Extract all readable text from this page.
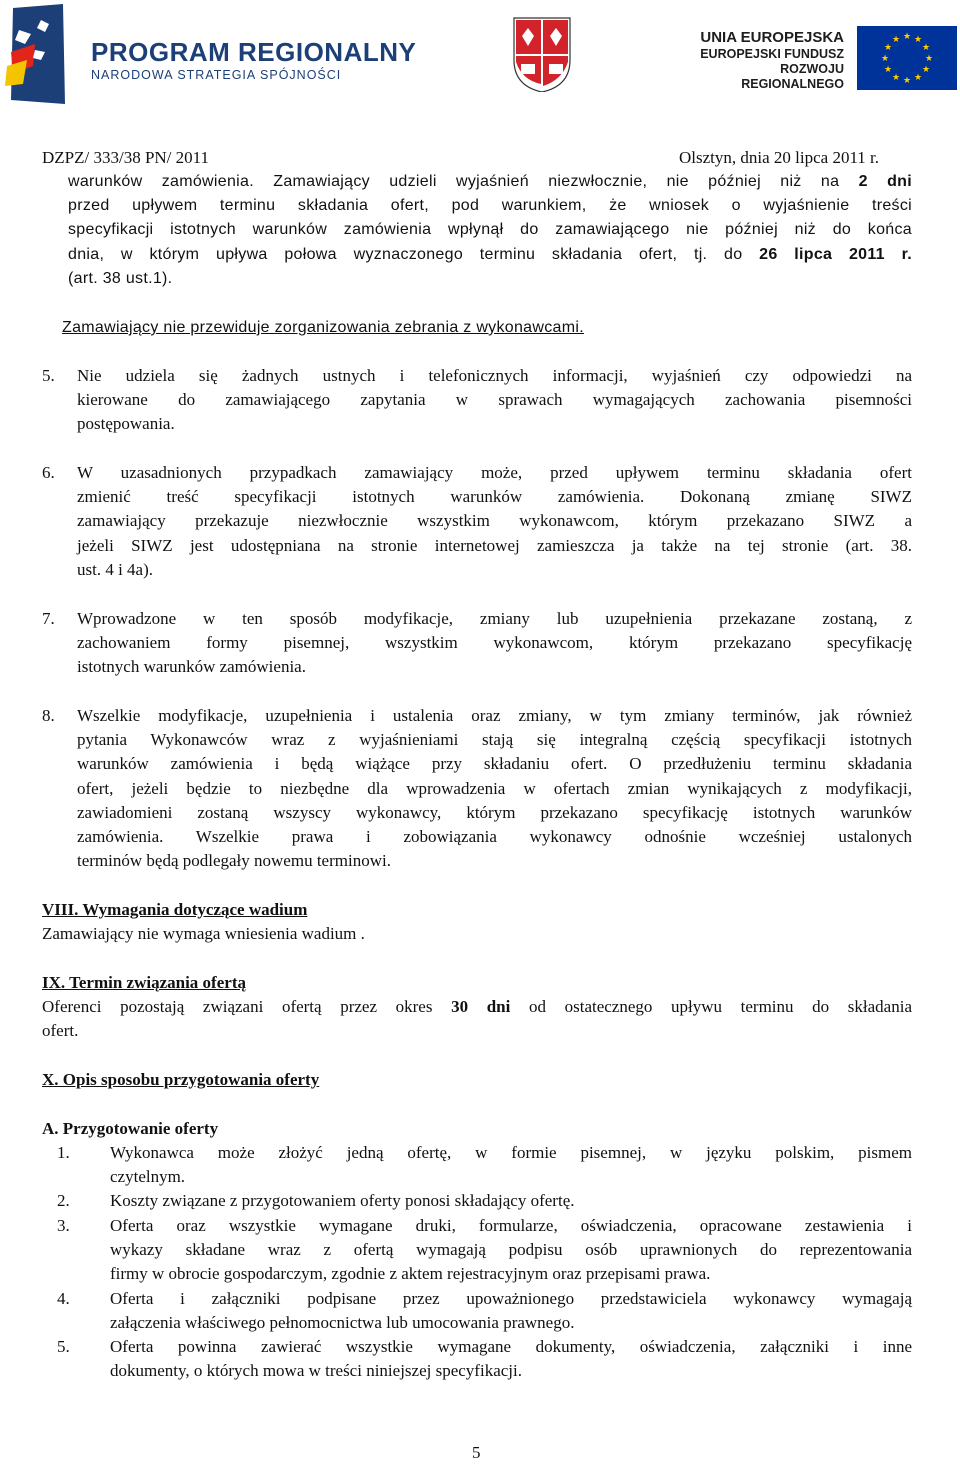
PROGRAM REGIONALNY
NARODOWA STRATEGIA SPÓJNOŚCI
UNIA EUROPEJSKA
EUROPEJSKI FUNDUSZ
ROZWOJU REGIONALNEGO
★ ★
★
★
★
★
★
★
★
★
★
★
DZPZ/ 333/38 PN/ 2011	Olsztyn, dnia 20 lipca 2011 r.
warunków zamówienia. Zamawiający udzieli wyjaśnień niezwłocznie, nie później niż na 2 dni
przed upływem terminu składania ofert, pod warunkiem, że wniosek o wyjaśnienie treści
specyfikacji istotnych warunków zamówienia wpłynął do zamawiającego nie później niż do końca
dnia, w którym upływa połowa wyznaczonego terminu składania ofert, tj. do 26 lipca 2011 r.
(art. 38 ust.1).
Zamawiający nie przewiduje zorganizowania zebrania z wykonawcami.
5. Nie udziela się żadnych ustnych i telefonicznych informacji, wyjaśnień czy odpowiedzi na
kierowane do zamawiającego zapytania w sprawach wymagających zachowania pisemności
postępowania.
6. W uzasadnionych przypadkach zamawiający może, przed upływem terminu składania ofert
zmienić treść specyfikacji istotnych warunków zamówienia. Dokonaną zmianę SIWZ
zamawiający przekazuje niezwłocznie wszystkim wykonawcom, którym przekazano SIWZ a
jeżeli SIWZ jest udostępniana na stronie internetowej zamieszcza ja także na tej stronie (art. 38.
ust. 4 i 4a).
7. Wprowadzone w ten sposób modyfikacje, zmiany lub uzupełnienia przekazane zostaną, z
zachowaniem formy pisemnej, wszystkim wykonawcom, którym przekazano specyfikację
istotnych warunków zamówienia.
8. Wszelkie modyfikacje, uzupełnienia i ustalenia oraz zmiany, w tym zmiany terminów, jak również
pytania Wykonawców wraz z wyjaśnieniami stają się integralną częścią specyfikacji istotnych
warunków zamówienia i będą wiążące przy składaniu ofert. O przedłużeniu terminu składania
ofert, jeżeli będzie to niezbędne dla wprowadzenia w ofertach zmian wynikających z modyfikacji,
zawiadomieni zostaną wszyscy wykonawcy, którym przekazano specyfikację istotnych warunków
zamówienia. Wszelkie prawa i zobowiązania wykonawcy odnośnie wcześniej ustalonych
terminów będą podlegały nowemu terminowi.
VIII. Wymagania dotyczące wadium
Zamawiający nie wymaga wniesienia wadium .
IX. Termin związania ofertą
Oferenci pozostają związani ofertą przez okres 30 dni od ostatecznego upływu terminu do składania
ofert.
X. Opis sposobu przygotowania oferty
A. Przygotowanie oferty
1. Wykonawca może złożyć jedną ofertę, w formie pisemnej, w języku polskim, pismem
czytelnym.
2. Koszty związane z przygotowaniem oferty ponosi składający ofertę.
3. Oferta oraz wszystkie wymagane druki, formularze, oświadczenia, opracowane zestawienia i
wykazy składane wraz z ofertą wymagają podpisu osób uprawnionych do reprezentowania
firmy w obrocie gospodarczym, zgodnie z aktem rejestracyjnym oraz przepisami prawa.
4. Oferta i załączniki podpisane przez upoważnionego przedstawiciela wykonawcy wymagają
załączenia właściwego pełnomocnictwa lub umocowania prawnego.
5. Oferta powinna zawierać wszystkie wymagane dokumenty, oświadczenia, załączniki i inne
dokumenty, o których mowa w treści niniejszej specyfikacji.
5
